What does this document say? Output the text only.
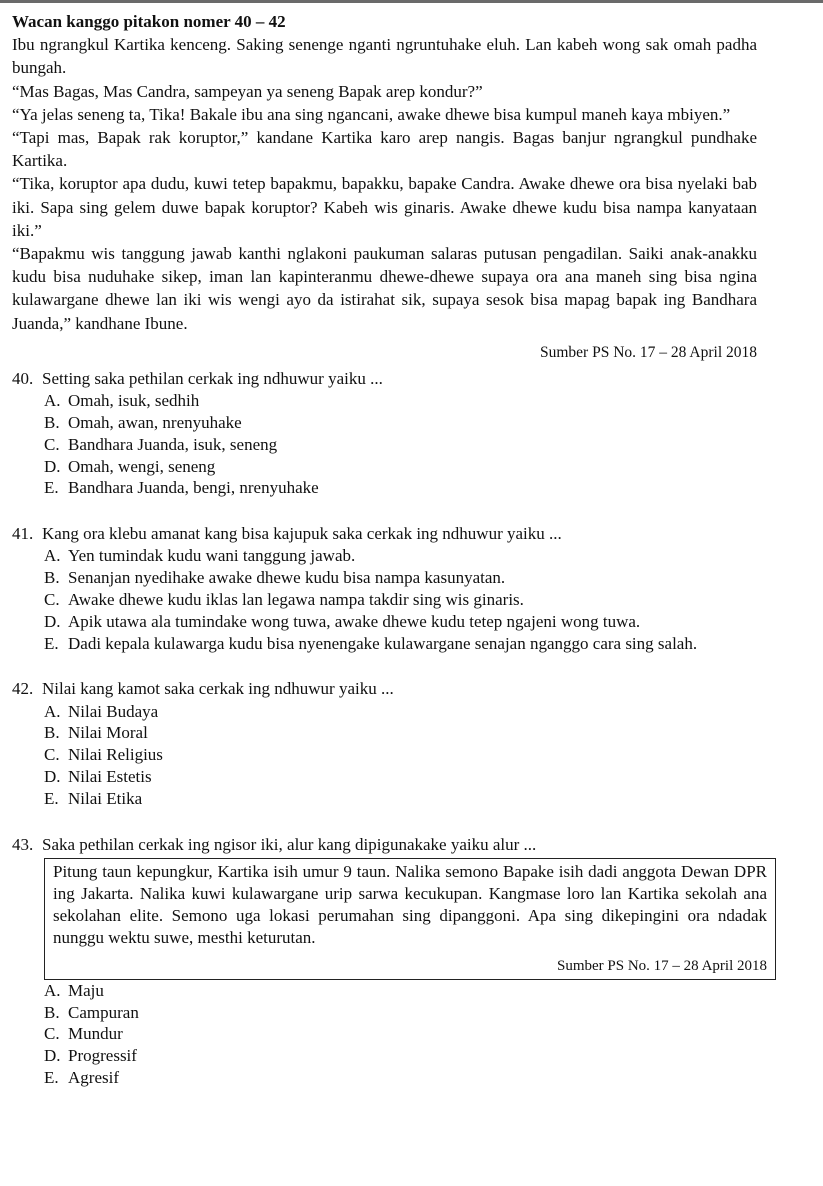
Wacan kanggo pitakon nomer 40 – 42

Ibu ngrangkul Kartika kenceng. Saking senenge nganti ngruntuhake eluh. Lan kabeh wong sak omah padha bungah.

“Mas Bagas, Mas Candra, sampeyan ya seneng Bapak arep kondur?”

“Ya jelas seneng ta, Tika! Bakale ibu ana sing ngancani, awake dhewe bisa kumpul maneh kaya mbiyen.”

“Tapi mas, Bapak rak koruptor,” kandane Kartika karo arep nangis. Bagas banjur ngrangkul pundhake Kartika.

“Tika, koruptor apa dudu, kuwi tetep bapakmu, bapakku, bapake Candra. Awake dhewe ora bisa nyelaki bab iki. Sapa sing gelem duwe bapak koruptor? Kabeh wis ginaris. Awake dhewe kudu bisa nampa kanyataan iki.”

“Bapakmu wis tanggung jawab kanthi nglakoni paukuman salaras putusan pengadilan. Saiki anak-anakku kudu bisa nuduhake sikep, iman lan kapinteranmu dhewe-dhewe supaya ora ana maneh sing bisa ngina kulawargane dhewe lan iki wis wengi ayo da istirahat sik, supaya sesok bisa mapag bapak ing Bandhara Juanda,” kandhane Ibune.

Sumber PS No. 17 – 28 April 2018

40. Setting saka pethilan cerkak ing ndhuwur yaiku ...

A. Omah, isuk, sedhih
B. Omah, awan, nrenyuhake
C. Bandhara Juanda, isuk, seneng
D. Omah, wengi, seneng
E. Bandhara Juanda, bengi, nrenyuhake

41. Kang ora klebu amanat kang bisa kajupuk saka cerkak ing ndhuwur yaiku ...

A. Yen tumindak kudu wani tanggung jawab.
B. Senanjan nyedihake awake dhewe kudu bisa nampa kasunyatan.
C. Awake dhewe kudu iklas lan legawa nampa takdir sing wis ginaris.
D. Apik utawa ala tumindake wong tuwa, awake dhewe kudu tetep ngajeni wong tuwa.
E. Dadi kepala kulawarga kudu bisa nyenengake kulawargane senajan nganggo cara sing salah.

42. Nilai kang kamot saka cerkak ing ndhuwur yaiku ...

A. Nilai Budaya
B. Nilai Moral
C. Nilai Religius
D. Nilai Estetis
E. Nilai Etika

43. Saka pethilan cerkak ing ngisor iki, alur kang dipigunakake yaiku alur ...

Pitung taun kepungkur, Kartika isih umur 9 taun. Nalika semono Bapake isih dadi anggota Dewan DPR ing Jakarta. Nalika kuwi kulawargane urip sarwa kecukupan. Kangmase loro lan Kartika sekolah ana sekolahan elite. Semono uga lokasi perumahan sing dipanggoni. Apa sing dikepingini ora ndadak nunggu wektu suwe, mesthi keturutan.

Sumber PS No. 17 – 28 April 2018

A. Maju
B. Campuran
C. Mundur
D. Progressif
E. Agresif
